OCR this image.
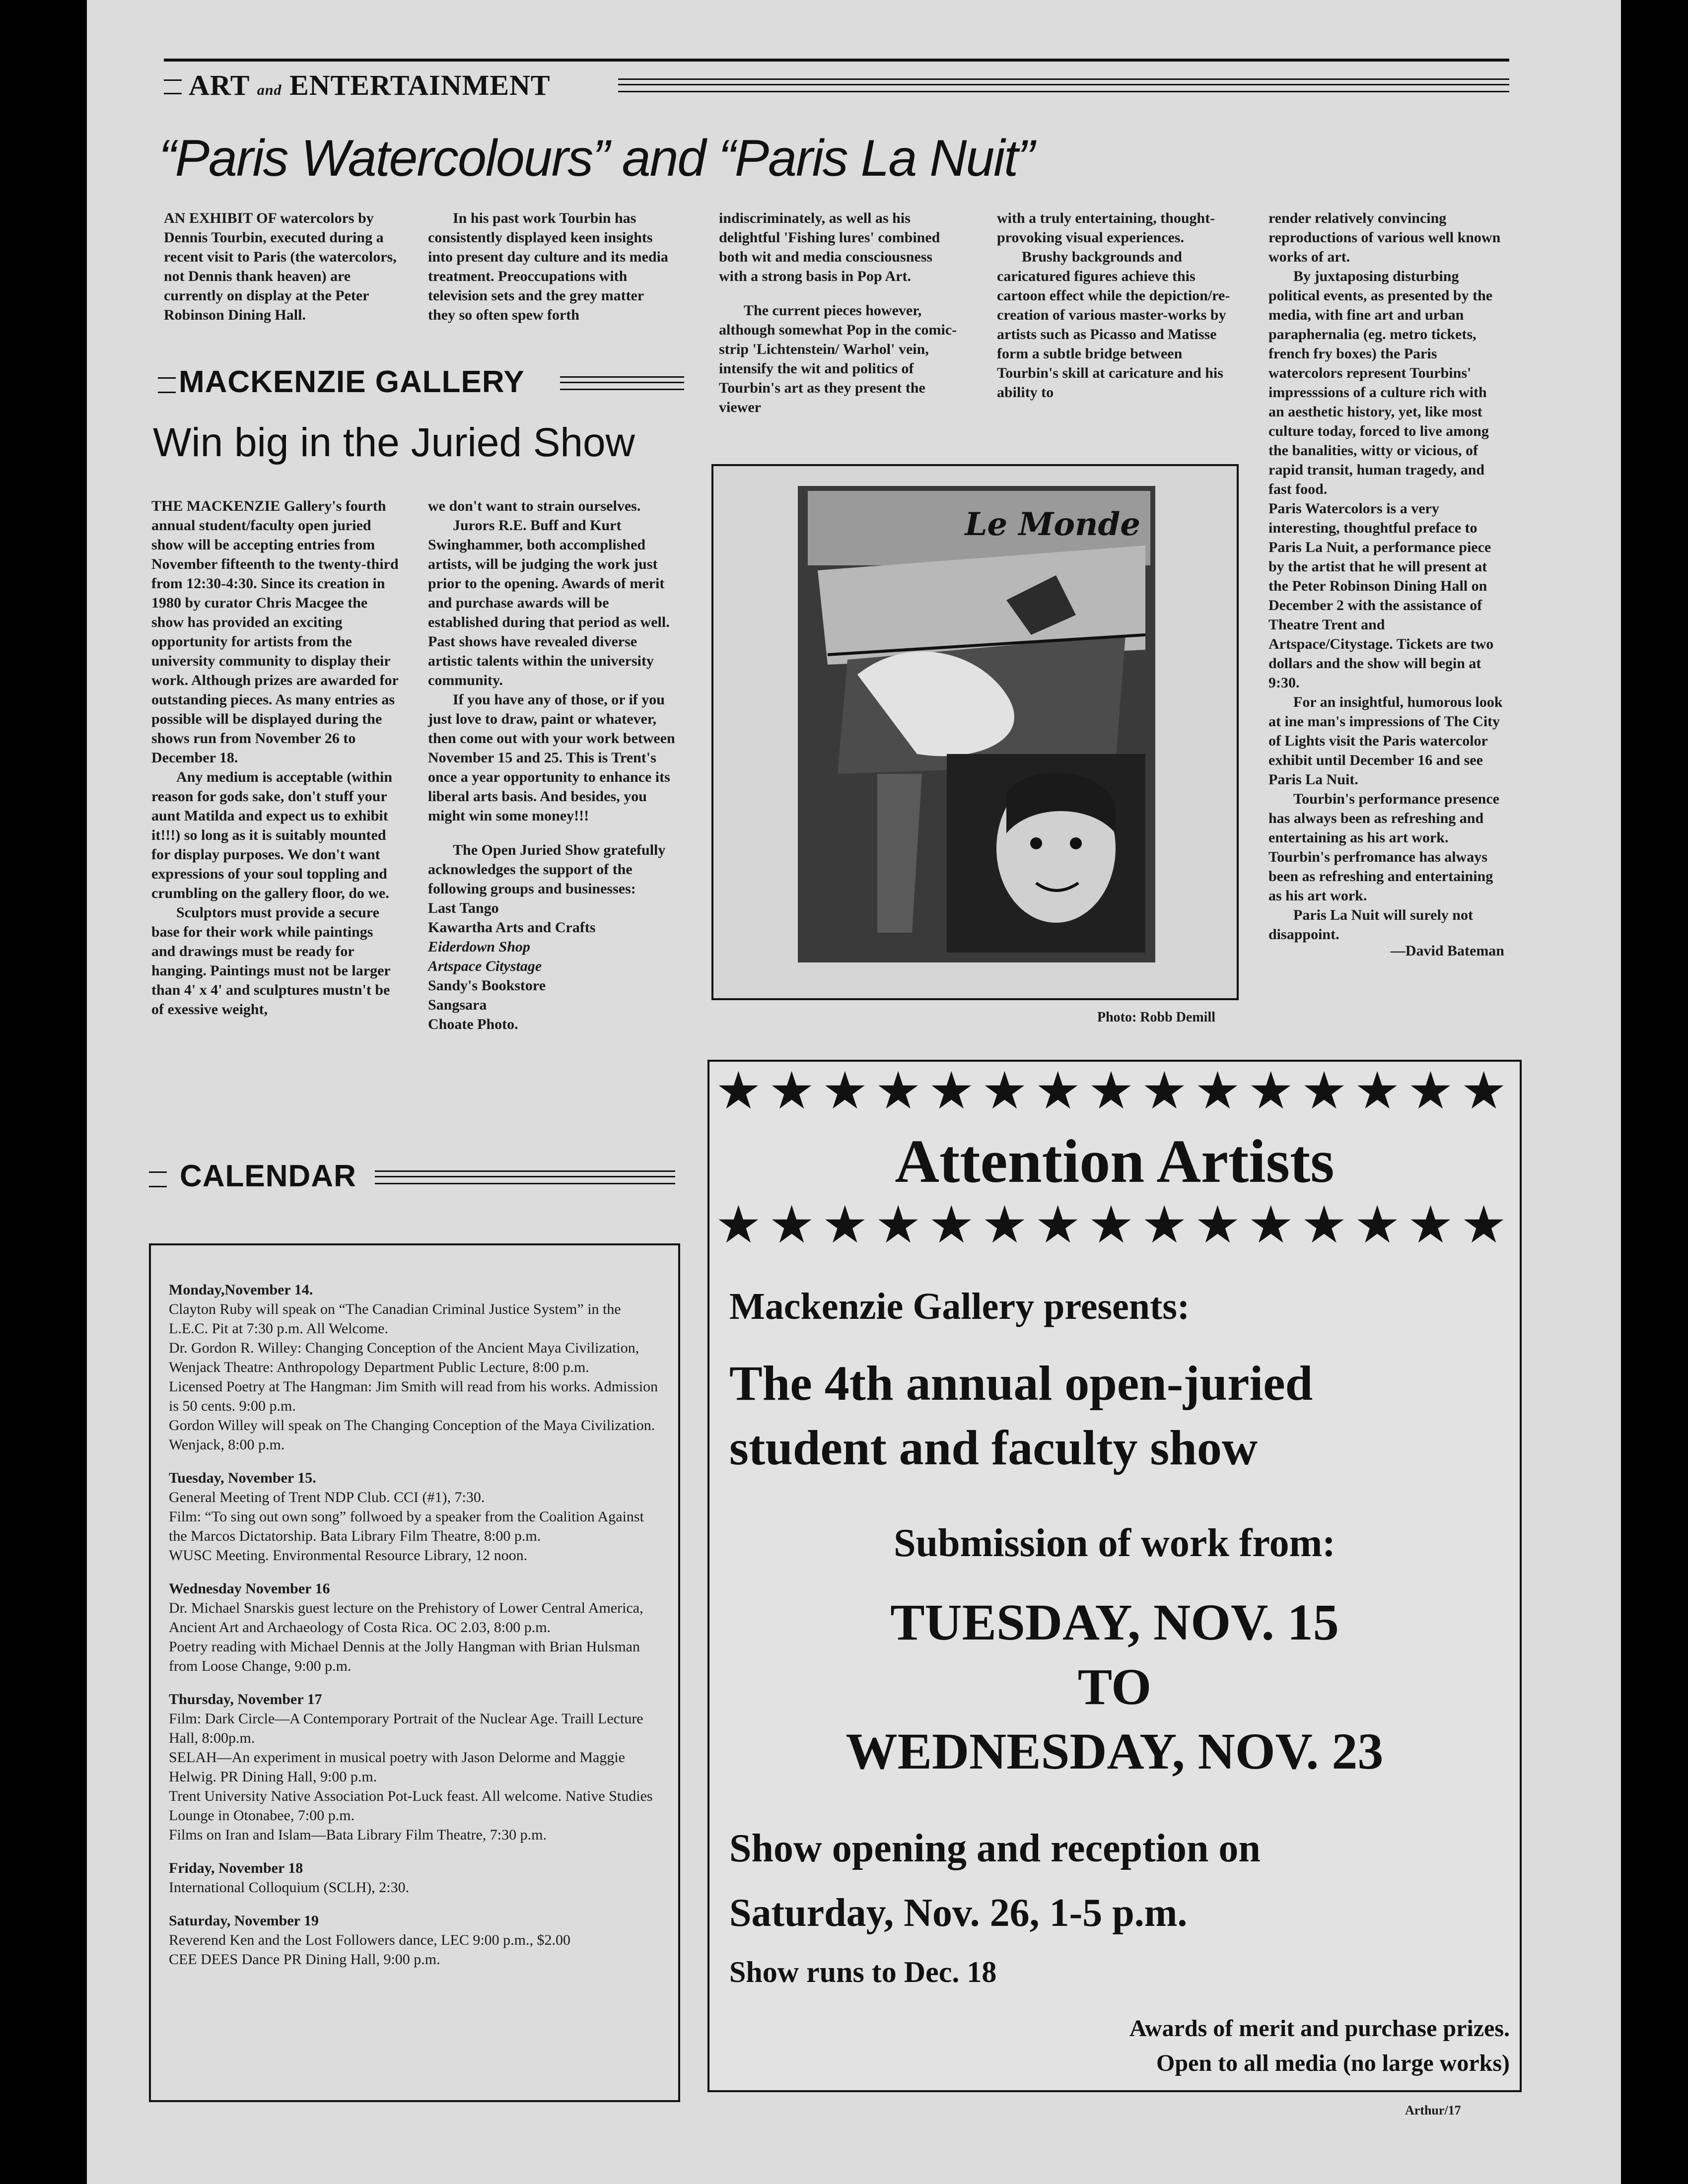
ART and ENTERTAINMENT
“Paris Watercolours” and “Paris La Nuit”

AN EXHIBIT OF watercolors by Dennis Tourbin, executed during a recent visit to Paris (the watercolors, not Dennis thank heaven) are currently on display at the Peter Robinson Dining Hall.

In his past work Tourbin has consistently displayed keen insights into present day culture and its media treatment. Preoccupations with television sets and the grey matter they so often spew forth

indiscriminately, as well as his delightful 'Fishing lures' combined both wit and media consciousness with a strong basis in Pop Art.

The current pieces however, although somewhat Pop in the comic-strip 'Lichtenstein/ Warhol' vein, intensify the wit and politics of Tourbin's art as they present the viewer

with a truly entertaining, thought-provoking visual experiences.

Brushy backgrounds and caricatured figures achieve this cartoon effect while the depiction/re-creation of various master-works by artists such as Picasso and Matisse form a subtle bridge between Tourbin's skill at caricature and his ability to

render relatively convincing reproductions of various well known works of art.

By juxtaposing disturbing political events, as presented by the media, with fine art and urban paraphernalia (eg. metro tickets, french fry boxes) the Paris watercolors represent Tourbins' impresssions of a culture rich with an aesthetic history, yet, like most culture today, forced to live among the banalities, witty or vicious, of rapid transit, human tragedy, and fast food.

Paris Watercolors is a very interesting, thoughtful preface to Paris La Nuit, a performance piece by the artist that he will present at the Peter Robinson Dining Hall on December 2 with the assistance of Theatre Trent and Artspace/Citystage. Tickets are two dollars and the show will begin at 9:30.

For an insightful, humorous look at ine man's impressions of The City of Lights visit the Paris watercolor exhibit until December 16 and see Paris La Nuit.

Tourbin's performance presence has always been as refreshing and entertaining as his art work.

Tourbin's perfromance has always been as refreshing and entertaining as his art work.

Paris La Nuit will surely not disappoint.

—David Bateman

Le Monde
Photo: Robb Demill
MACKENZIE GALLERY
Win big in the Juried Show

THE MACKENZIE Gallery's fourth annual student/faculty open juried show will be accepting entries from November fifteenth to the twenty-third from 12:30-4:30. Since its creation in 1980 by curator Chris Macgee the show has provided an exciting opportunity for artists from the university community to display their work. Although prizes are awarded for outstanding pieces. As many entries as possible will be displayed during the shows run from November 26 to December 18.

Any medium is acceptable (within reason for gods sake, don't stuff your aunt Matilda and expect us to exhibit it!!!) so long as it is suitably mounted for display purposes. We don't want expressions of your soul toppling and crumbling on the gallery floor, do we.

Sculptors must provide a secure base for their work while paintings and drawings must be ready for hanging. Paintings must not be larger than 4' x 4' and sculptures mustn't be of exessive weight,

we don't want to strain ourselves.

Jurors R.E. Buff and Kurt Swinghammer, both accomplished artists, will be judging the work just prior to the opening. Awards of merit and purchase awards will be established during that period as well. Past shows have revealed diverse artistic talents within the university community.

If you have any of those, or if you just love to draw, paint or whatever, then come out with your work between November 15 and 25. This is Trent's once a year opportunity to enhance its liberal arts basis. And besides, you might win some money!!!

The Open Juried Show gratefully acknowledges the support of the following groups and businesses:

Last Tango

Kawartha Arts and Crafts

Eiderdown Shop

Artspace Citystage

Sandy's Bookstore

Sangsara

Choate Photo.

CALENDAR

Monday,November 14.

Clayton Ruby will speak on “The Canadian Criminal Justice System” in the L.E.C. Pit at 7:30 p.m. All Welcome.

Dr. Gordon R. Willey: Changing Conception of the Ancient Maya Civilization, Wenjack Theatre: Anthropology Department Public Lecture, 8:00 p.m.

Licensed Poetry at The Hangman: Jim Smith will read from his works. Admission is 50 cents. 9:00 p.m.

Gordon Willey will speak on The Changing Conception of the Maya Civilization. Wenjack, 8:00 p.m.

Tuesday, November 15.

General Meeting of Trent NDP Club. CCI (#1), 7:30.

Film: “To sing out own song” follwoed by a speaker from the Coalition Against the Marcos Dictatorship. Bata Library Film Theatre, 8:00 p.m.

WUSC Meeting. Environmental Resource Library, 12 noon.

Wednesday November 16

Dr. Michael Snarskis guest lecture on the Prehistory of Lower Central America, Ancient Art and Archaeology of Costa Rica. OC 2.03, 8:00 p.m.

Poetry reading with Michael Dennis at the Jolly Hangman with Brian Hulsman from Loose Change, 9:00 p.m.

Thursday, November 17

Film: Dark Circle—A Contemporary Portrait of the Nuclear Age. Traill Lecture Hall, 8:00p.m.

SELAH—An experiment in musical poetry with Jason Delorme and Maggie Helwig. PR Dining Hall, 9:00 p.m.

Trent University Native Association Pot-Luck feast. All welcome. Native Studies Lounge in Otonabee, 7:00 p.m.

Films on Iran and Islam—Bata Library Film Theatre, 7:30 p.m.

Friday, November 18

International Colloquium (SCLH), 2:30.

Saturday, November 19

Reverend Ken and the Lost Followers dance, LEC 9:00 p.m., $2.00

CEE DEES Dance PR Dining Hall, 9:00 p.m.

★★★★★★★★★★★★★★★
Attention Artists
★★★★★★★★★★★★★★★
Mackenzie Gallery presents:
The 4th annual open-juried
student and faculty show
Submission of work from:
TUESDAY, NOV. 15
TO
WEDNESDAY, NOV. 23
Show opening and reception on
Saturday, Nov. 26, 1-5 p.m.
Show runs to Dec. 18
Awards of merit and purchase prizes.
Open to all media (no large works)
Arthur/17
